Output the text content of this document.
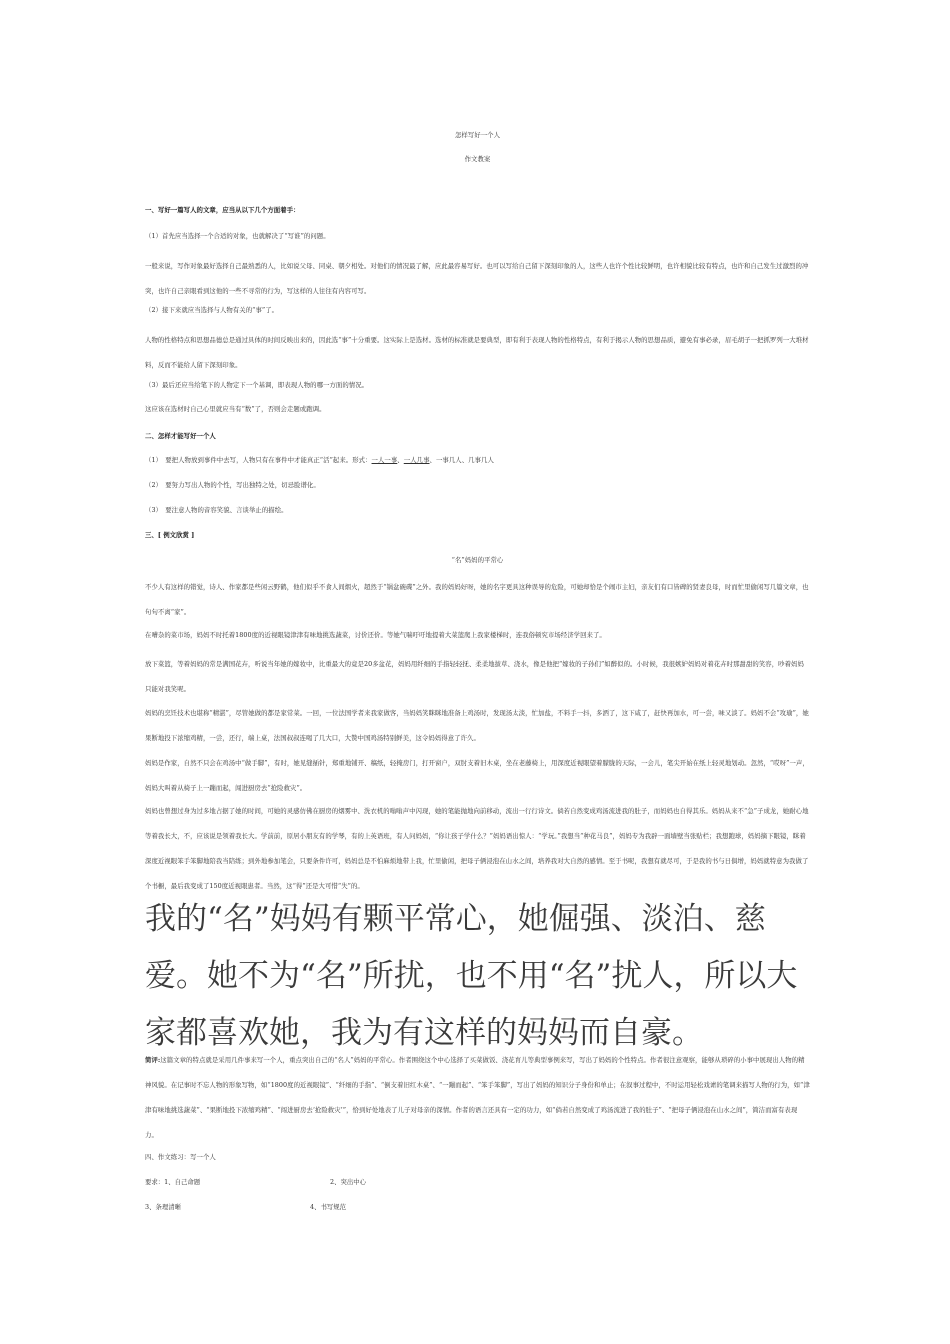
怎样写好一个人
作文教案
一、写好一篇写人的文章，应当从以下几个方面着手：
（1）首先应当选择一个合适的对象，也就解决了“写谁”的问题。
一般来说，写作对象最好选择自己最熟悉的人，比如说父母、同桌、朝夕相处。对他们的情况最了解，应此最容易写好。也可以写给自己留下深刻印象的人，这些人也许个性比较鲜明，也许相貌比较有特点，也许和自己发生过激烈的冲突，也许自己亲眼看到这他的一些不寻常的行为，写这样的人往往有内容可写。
（2）接下来就应当选择与人物有关的“事”了。
人物的性格特点和思想品德总是通过具体的时间反映出来的，因此选“事”十分重要。这实际上是选材。选材的标准就是要典型，即有利于表现人物的性格特点，有利于揭示人物的思想品质，避免有事必录，眉毛胡子一把抓罗列一大堆材料，反而不能给人留下深刻印象。
（3）最后还应当给笔下的人物定下一个基调，即表现人物的哪一方面的情况。
这应该在选材时自己心里就应当有“数”了，否则会走题或跑调。
二、怎样才能写好一个人
（1）　要把人物放到事件中去写，人物只有在事件中才能真正“活”起来。形式：一人一事、一人几事、一事几人、几事几人
（2）　要努力写出人物的个性，写出独特之处，切忌脸谱化。
（3）　要注意人物的音容笑貌、言谈举止的描绘。
三、[ 例文欣赏 ]
“名”妈妈的平常心
不少人有这样的错觉，诗人、作家都是些闲云野鹤，他们似乎不食人间烟火，超然于“锅盆碗碟”之外。我的妈妈好呀，她的名字更具这种误导的危险，可她却恰是个闹市主妇，亲友们有口皆碑的贤妻良母，时而忙里偷闲写几篇文章，也句句不离“家”。
在嘈杂的菜市场，妈妈不时托着1800度的近视眼镜津津有味地挑选蔬菜，讨价还价。等她气喘吁吁地提着大菜篮爬上我家楼梯时，连我俗顿究市场经济学回来了。
放下菜篮，等着妈妈的常是满国花卉，听说当年她的嫁妆中，比重最大的竟是20多盆花，妈妈用纤细的手指轻轻抚、柔柔地拔草、浇水，像是他把“嫁妆的子孙们”如醉似的。小时候，我很嫉妒妈妈对着花卉时那甜甜的笑容，吵着妈妈只能对我笑呢。
妈妈的烹饪技术也堪称“精湛”，尽管她做的都是家常菜。一回，一位法国学者来我家做客，当妈妈笑眯眯地准备上鸡汤时，发现汤太淡，忙加盐，不料手一抖，多洒了，这下咸了，赶快再加水，可一尝，味又淡了。妈妈不会“攻瑜”，她果断地投下浓缩鸡精，一尝，还行，端上桌，法国叔叔连喝了几大口，大赞中国鸡汤特别鲜美，这令妈妈得意了许久。
妈妈是作家，自然不只会在鸡汤中“做手脚”，有时，她见缝插针，郑重地铺开、稿纸，轻掩房门，打开窗户，双肘支着旧木桌，坐在老藤椅上，用深度近视眼望着朦胧的天际，一会儿，笔尖开始在纸上轻灵地划动。忽然，“哎呀”一声，妈妈大叫着从椅子上一蹦而起，闯进厨房去“抢险救灾”。
妈妈也曾想过身为过多地占据了她的时间，可她的灵感仿佛在厨房的烟雾中、洗衣机的嗡嗡声中闪现，她的笔能抛地向前移动，流出一行行诗文。倘若自然变成鸡汤流进我的肚子，而妈妈也自得其乐。妈妈从来不“急”子成龙，她耐心地等着我长大，不，应该说是领着我长大。学前前，原居小朋友有的学琴，有的上英语班，有人问妈妈，“你让孩子学什么？”妈妈语出惊人：“学玩。”我想当“种花马良”，妈妈专为我辟一面墙壁当张贴栏；我想跑球，妈妈摘下眼镜，眯着深度近视眼笨手笨脚地陪我当陪练；到外地参加笔会，只要条件许可，妈妈总是不怕麻烦地带上我，忙里偷闲，把母子俩浸泡在山水之间，培养我对大自然的感情。至于书呢，我想有就尽可，于是我的书与日俱增，妈妈就特意为我做了个书橱，最后我变成了150度近视眼患者。当然，这“得”还是大可惜“失”的。
我的“名”妈妈有颗平常心，她倔强、淡泊、慈爱。她不为“名”所扰，也不用“名”扰人，所以大家都喜欢她，我为有这样的妈妈而自豪。
简评:这篇文章的特点就是采用几件事来写一个人，重点突出自己的“名人”妈妈的平常心。作者围绕这个中心选择了买菜做饭、浇花育儿等典型事例来写，写出了妈妈的个性特点。作者很注意观察，能够从琐碎的小事中展现出人物的精神风貌。在记事时不忘人物的形象写物，如“1800度的近视眼镜”、“纤细的手指”、“倒支着旧红木桌”、“一蹦而起”、“笨手笨脚”，写出了妈妈的知识分子身份和单止；在叙事过程中，不时运用轻松戏谑的笔调来描写人物的行为，如“津津有味地挑选蔬菜”、“果断地投下浓缩鸡精”、“闯进厨房去‘抢险救灾’”，恰到好处地表了儿子对母亲的深情。作者的语言还具有一定的功力，如“倘若自然变成了鸡汤流进了我的肚子”、“把母子俩浸泡在山水之间”，简洁而富有表现力。
四、作文练习：写一个人
要求：1、自己命题	2、突出中心
3、条理清晰	4、书写规范
